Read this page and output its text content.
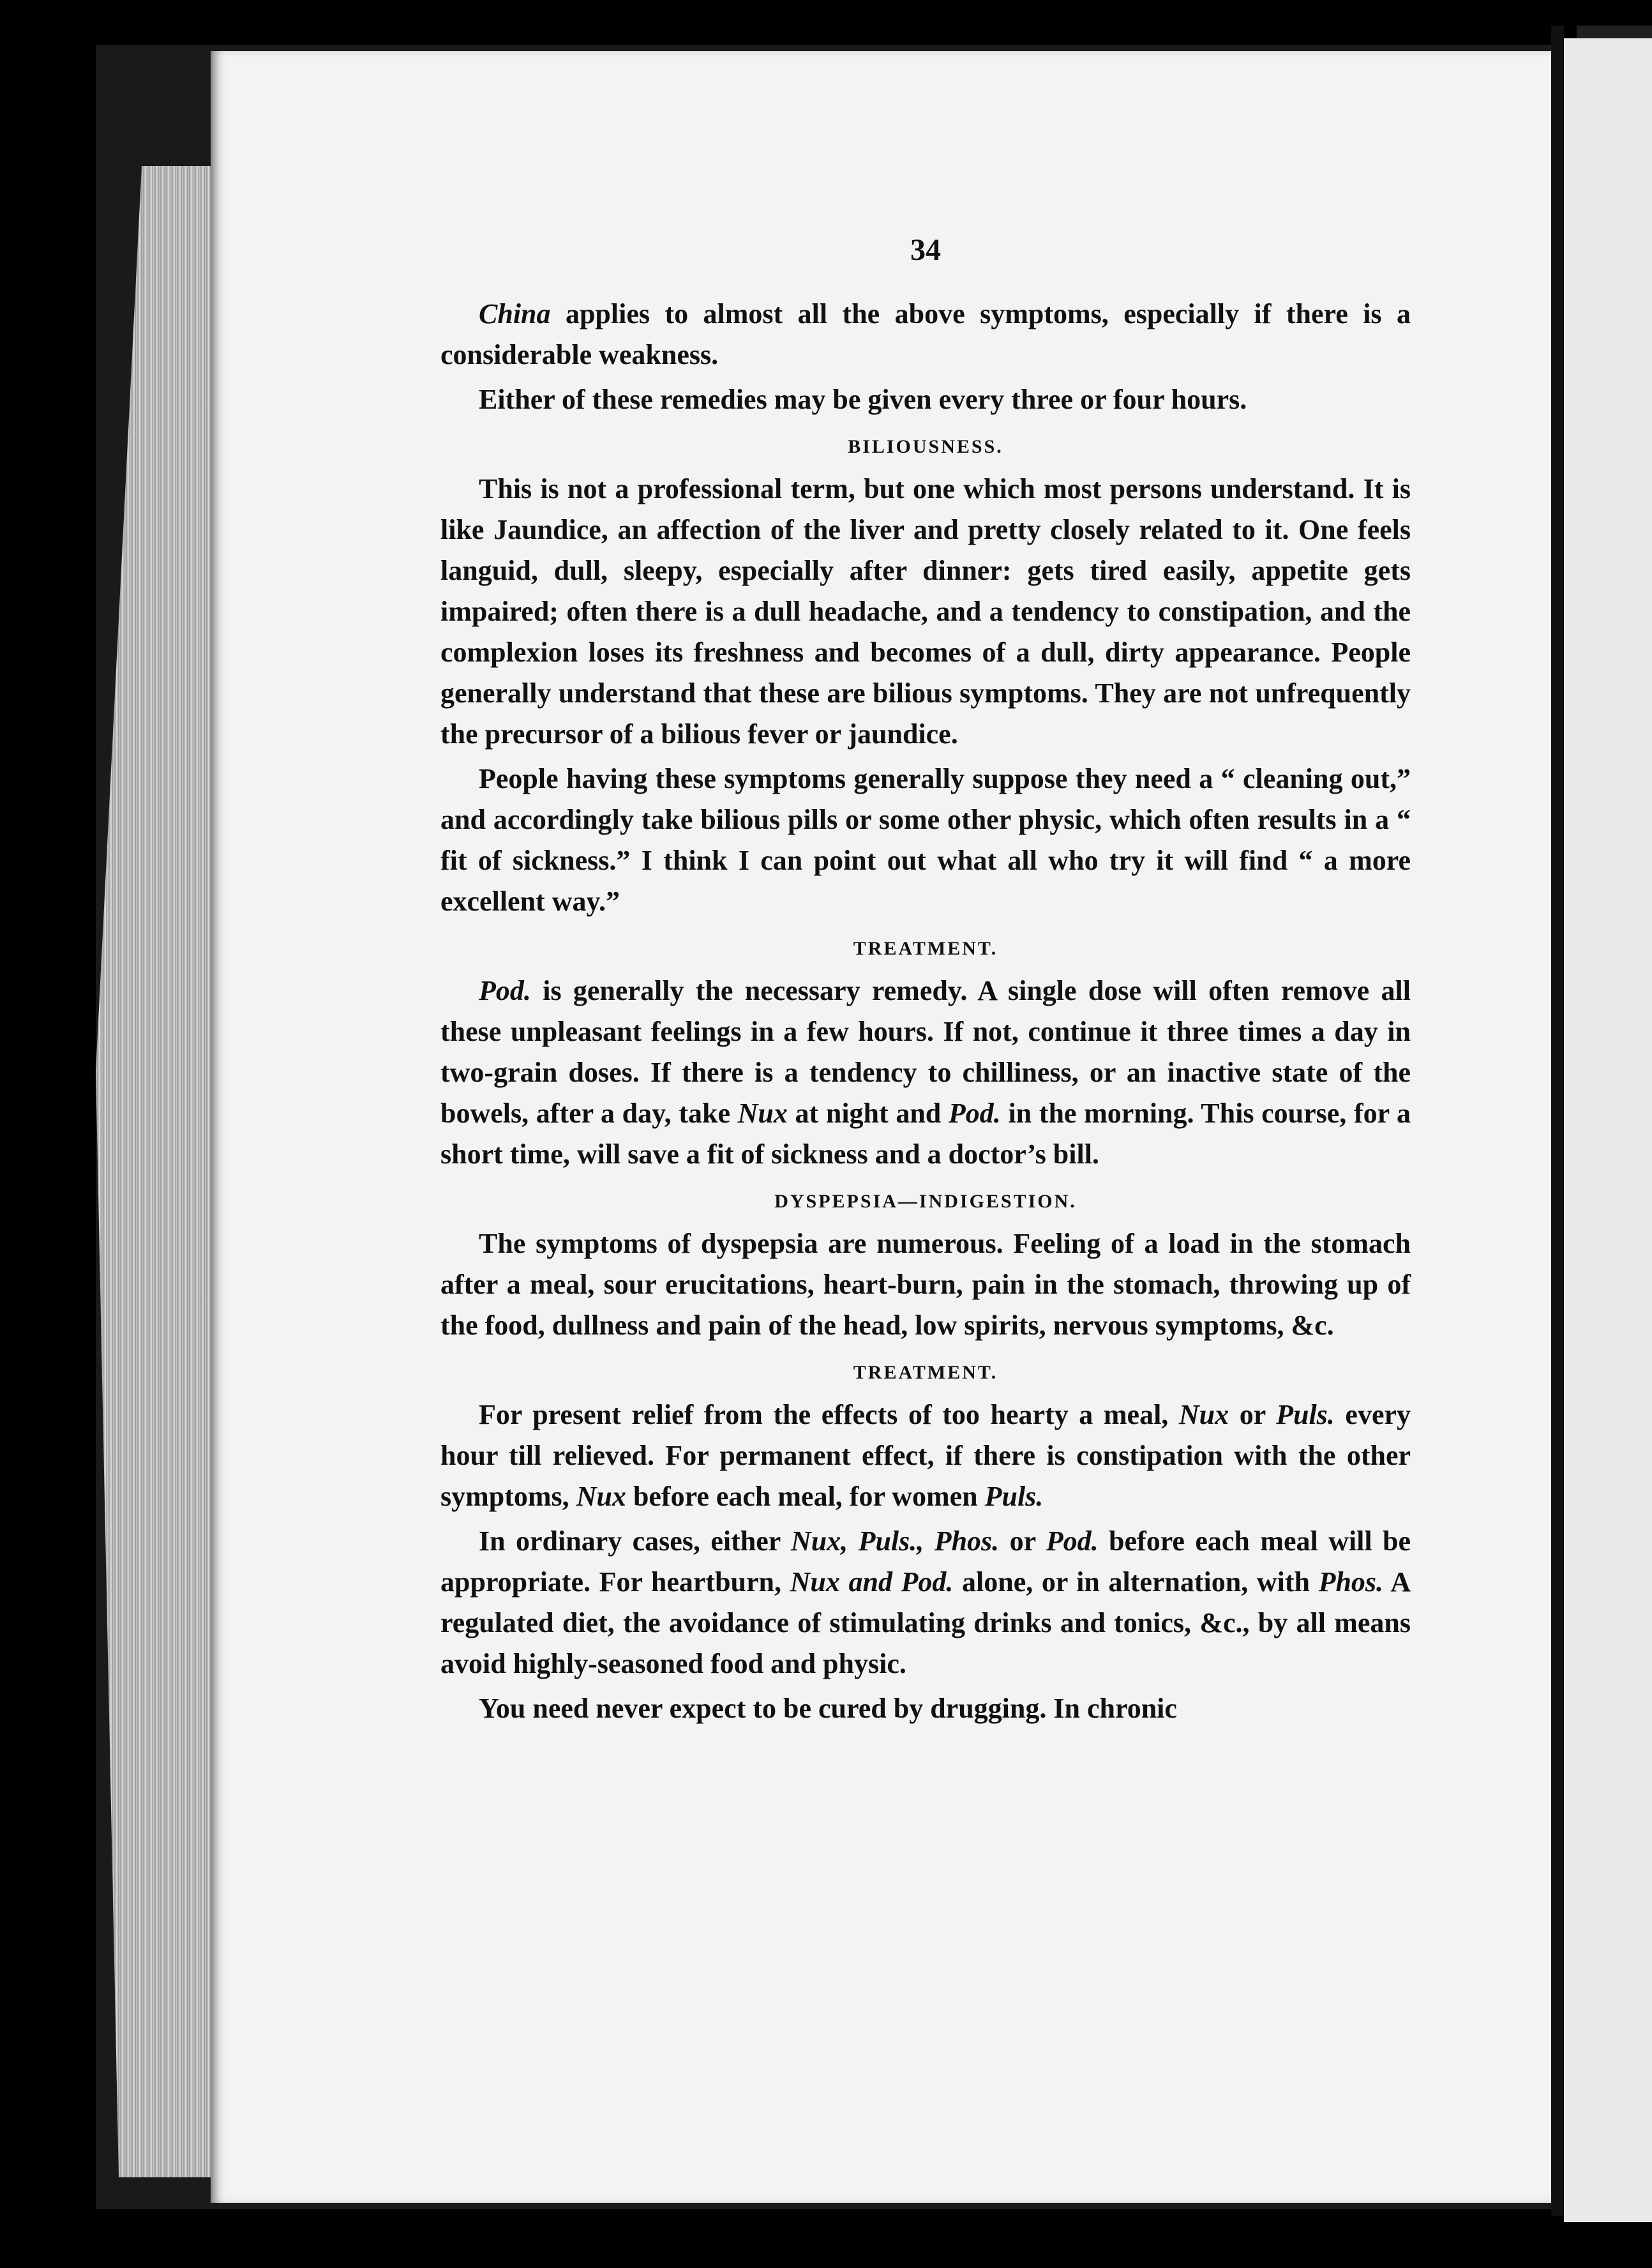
34

China applies to almost all the above symptoms, especially if there is a considerable weakness.

Either of these remedies may be given every three or four hours.

BILIOUSNESS.

This is not a professional term, but one which most persons understand. It is like Jaundice, an affection of the liver and pretty closely related to it. One feels languid, dull, sleepy, especially after dinner: gets tired easily, appetite gets impaired; often there is a dull headache, and a tendency to constipation, and the complexion loses its freshness and becomes of a dull, dirty appearance. People generally understand that these are bilious symptoms. They are not unfrequently the precursor of a bilious fever or jaundice.

People having these symptoms generally suppose they need a “ cleaning out,” and accordingly take bilious pills or some other physic, which often results in a “ fit of sickness.” I think I can point out what all who try it will find “ a more excellent way.”

TREATMENT.

Pod. is generally the necessary remedy. A single dose will often remove all these unpleasant feelings in a few hours. If not, continue it three times a day in two-grain doses. If there is a tendency to chilliness, or an inactive state of the bowels, after a day, take Nux at night and Pod. in the morning. This course, for a short time, will save a fit of sickness and a doctor’s bill.

DYSPEPSIA—INDIGESTION.

The symptoms of dyspepsia are numerous. Feeling of a load in the stomach after a meal, sour erucitations, heart-burn, pain in the stomach, throwing up of the food, dullness and pain of the head, low spirits, nervous symptoms, &c.

TREATMENT.

For present relief from the effects of too hearty a meal, Nux or Puls. every hour till relieved. For permanent effect, if there is constipation with the other symptoms, Nux before each meal, for women Puls.

In ordinary cases, either Nux, Puls., Phos. or Pod. before each meal will be appropriate. For heartburn, Nux and Pod. alone, or in alternation, with Phos. A regulated diet, the avoidance of stimulating drinks and tonics, &c., by all means avoid highly-seasoned food and physic.

You need never expect to be cured by drugging. In chronic
